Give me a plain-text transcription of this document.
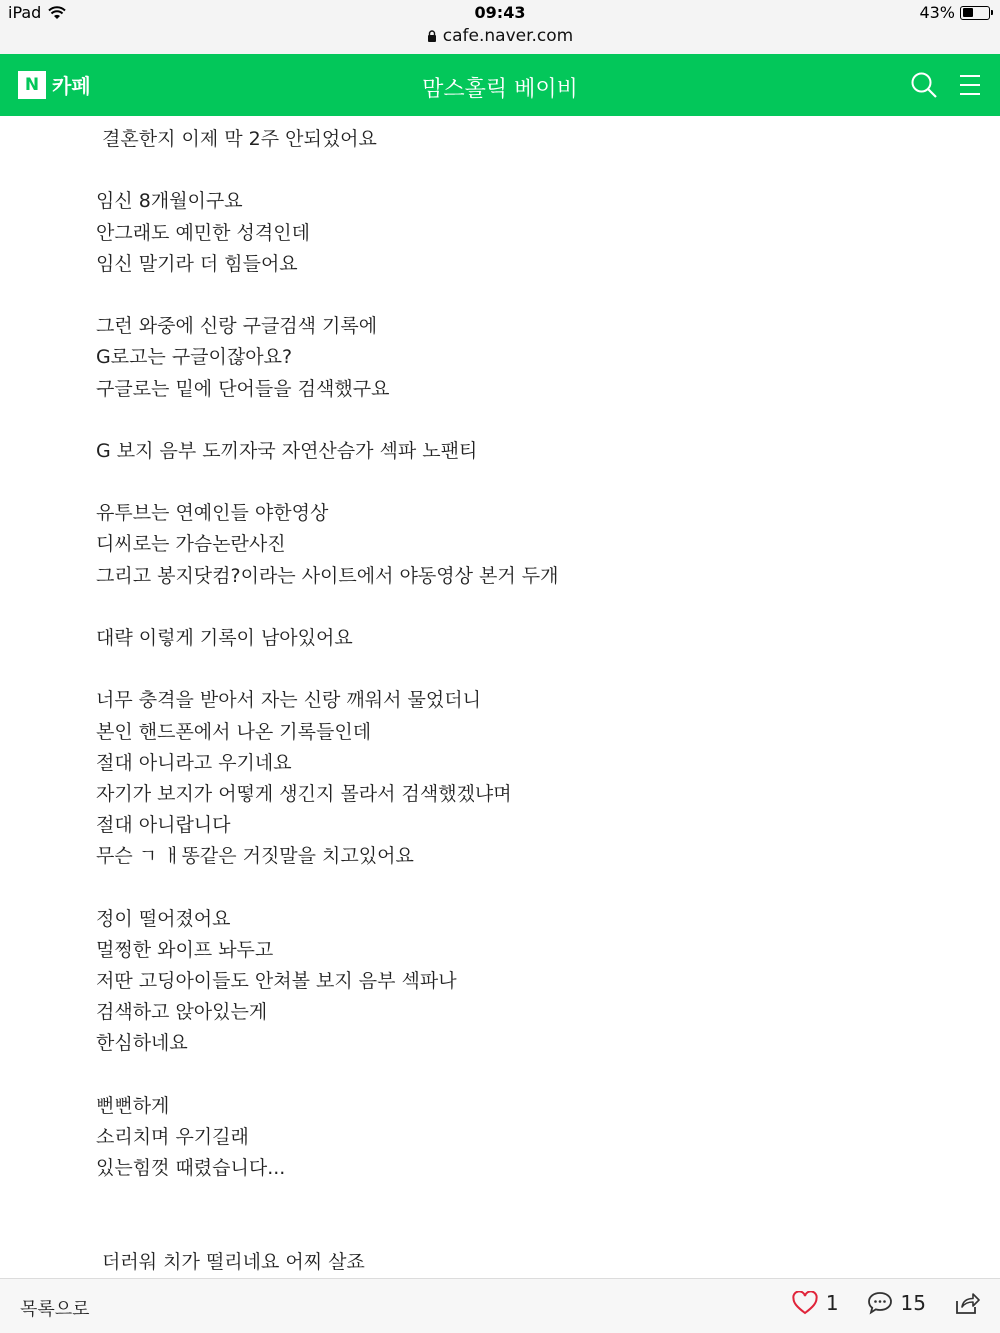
iPad	09:43
cafe.naver.com
43%
N 카페	맘스홀릭 베이비
결혼한지 이제 막 2주 안되었어요
임신 8개월이구요
안그래도 예민한 성격인데
임신 말기라 더 힘들어요
그런 와중에 신랑 구글검색 기록에
G로고는 구글이잖아요?
구글로는 밑에 단어들을 검색했구요
G 보지 음부 도끼자국 자연산슴가 섹파 노팬티
유투브는 연예인들 야한영상
디씨로는 가슴논란사진
그리고 봉지닷컴?이라는 사이트에서 야동영상 본거 두개
대략 이렇게 기록이 남아있어요
너무 충격을 받아서 자는 신랑 깨워서 물었더니
본인 핸드폰에서 나온 기록들인데
절대 아니라고 우기네요
자기가 보지가 어떻게 생긴지 몰라서 검색했겠냐며
절대 아니랍니다
무슨 ㄱ ㅐ똥같은 거짓말을 치고있어요
정이 떨어졌어요
멀쩡한 와이프 놔두고
저딴 고딩아이들도 안쳐볼 보지 음부 섹파나
검색하고 앉아있는게
한심하네요
뻔뻔하게
소리치며 우기길래
있는힘껏 때렸습니다...
더러워 치가 떨리네요 어찌 살죠
목록으로	1	15
